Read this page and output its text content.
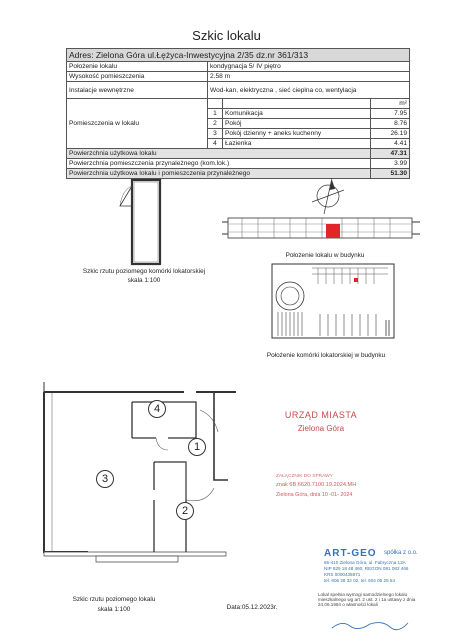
Szkic lokalu
Adres: Zielona Góra ul.Łężyca-Inwestycyjna 2/35 dz.nr 361/313			
Położenie lokalu	kondygnacja 5/ IV piętro		
Wysokość pomieszczenia	2.58 m		
Instalacje wewnętrzne	Wod-kan, elektryczna , sieć cieplna co, wentylacja		
Pomieszczenia w lokalu			m²
	1	Komunikacja	7.95
	2	Pokój	8.76
	3	Pokój dzienny + aneks kuchenny	26.19
	4	Łazienka	4.41
Powierzchnia użytkowa lokalu			47.31
Powierzchnia pomieszczenia przynależnego (kom.lok.)			3.99
Powierzchnia użytkowa lokalu i pomieszczenia przynależnego			51.30
Szkic rzutu poziomego komórki lokatorskiej
skala 1:100
Położenie lokalu w budynku
Położenie komórki lokatorskiej w budynku
4
1
3
2
Szkic rzutu poziomego lokalu
skala 1:100	Data:05.12.2023r.
URZĄD MIASTA
Zielona Góra
ZAŁĄCZNIK DO SPRAWY
znak 6B.6620.7100.19.2024.MH
Zielona Góra, dnia 10 -01- 2024
ART-GEO spółka z o.o.
65-410 Zielona Góra, ul. Fabryczna 13A
NIP 929 18 48 460, REGON 081 082 466
KRS 0000435871
tel. 606 28 32 02, tel. 604 06 25 54
Lokal spełnia wymogi samodzielnego lokalu mieszkalnego wg art. 2 ust. 2 i 1a ustawy z dnia 24.06.1994 o własności lokali
